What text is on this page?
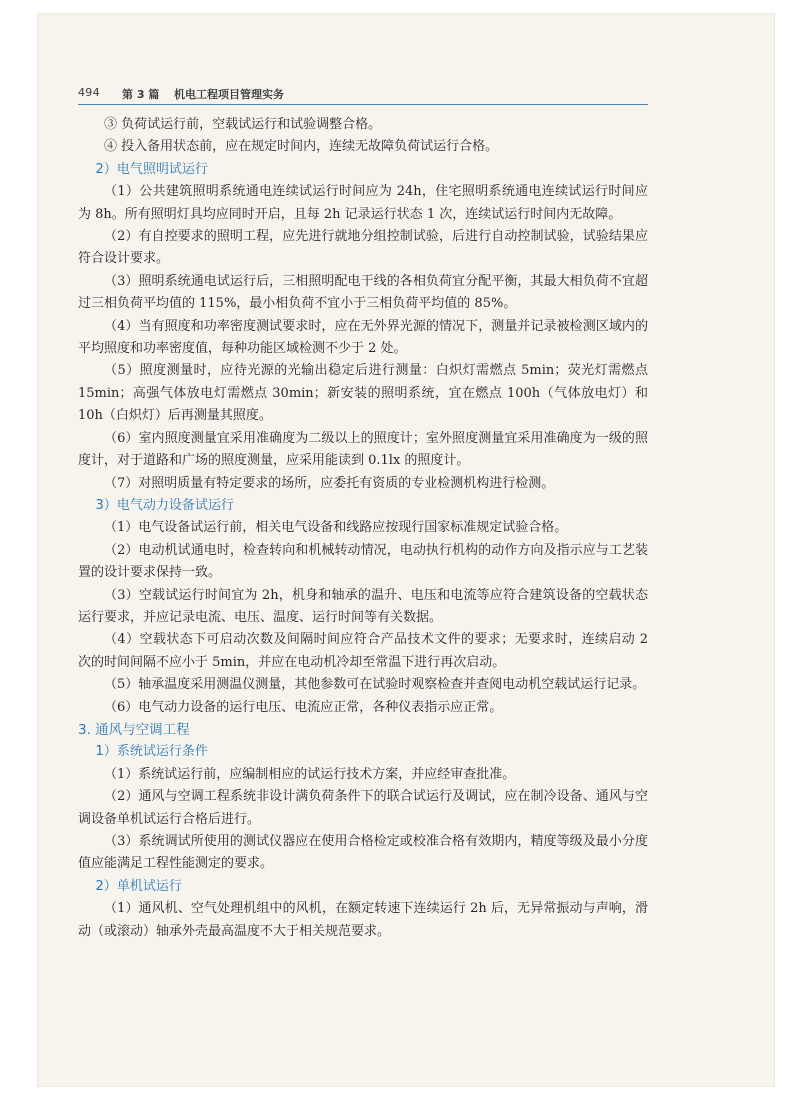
494 第 3 篇 机电工程项目管理实务

③ 负荷试运行前，空载试运行和试验调整合格。

④ 投入备用状态前，应在规定时间内，连续无故障负荷试运行合格。

2）电气照明试运行

（1）公共建筑照明系统通电连续试运行时间应为 24h，住宅照明系统通电连续试运行时间应为 8h。所有照明灯具均应同时开启，且每 2h 记录运行状态 1 次，连续试运行时间内无故障。

（2）有自控要求的照明工程，应先进行就地分组控制试验，后进行自动控制试验，试验结果应符合设计要求。

（3）照明系统通电试运行后，三相照明配电干线的各相负荷宜分配平衡，其最大相负荷不宜超过三相负荷平均值的 115%，最小相负荷不宜小于三相负荷平均值的 85%。

（4）当有照度和功率密度测试要求时，应在无外界光源的情况下，测量并记录被检测区域内的平均照度和功率密度值，每种功能区域检测不少于 2 处。

（5）照度测量时，应待光源的光输出稳定后进行测量：白炽灯需燃点 5min；荧光灯需燃点 15min；高强气体放电灯需燃点 30min；新安装的照明系统，宜在燃点 100h（气体放电灯）和 10h（白炽灯）后再测量其照度。

（6）室内照度测量宜采用准确度为二级以上的照度计；室外照度测量宜采用准确度为一级的照度计，对于道路和广场的照度测量，应采用能读到 0.1lx 的照度计。

（7）对照明质量有特定要求的场所，应委托有资质的专业检测机构进行检测。

3）电气动力设备试运行

（1）电气设备试运行前，相关电气设备和线路应按现行国家标准规定试验合格。

（2）电动机试通电时，检查转向和机械转动情况，电动执行机构的动作方向及指示应与工艺装置的设计要求保持一致。

（3）空载试运行时间宜为 2h，机身和轴承的温升、电压和电流等应符合建筑设备的空载状态运行要求，并应记录电流、电压、温度、运行时间等有关数据。

（4）空载状态下可启动次数及间隔时间应符合产品技术文件的要求；无要求时，连续启动 2 次的时间间隔不应小于 5min，并应在电动机冷却至常温下进行再次启动。

（5）轴承温度采用测温仪测量，其他参数可在试验时观察检查并查阅电动机空载试运行记录。

（6）电气动力设备的运行电压、电流应正常，各种仪表指示应正常。

3. 通风与空调工程

1）系统试运行条件

（1）系统试运行前，应编制相应的试运行技术方案，并应经审查批准。

（2）通风与空调工程系统非设计满负荷条件下的联合试运行及调试，应在制冷设备、通风与空调设备单机试运行合格后进行。

（3）系统调试所使用的测试仪器应在使用合格检定或校准合格有效期内，精度等级及最小分度值应能满足工程性能测定的要求。

2）单机试运行

（1）通风机、空气处理机组中的风机，在额定转速下连续运行 2h 后，无异常振动与声响，滑动（或滚动）轴承外壳最高温度不大于相关规范要求。
